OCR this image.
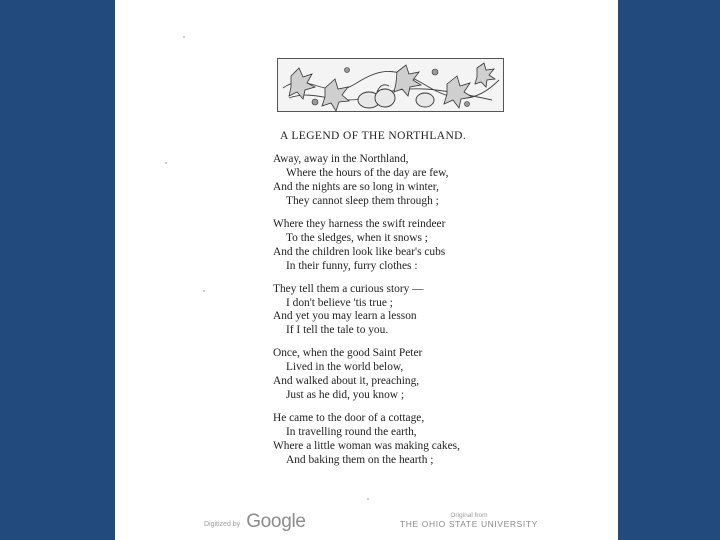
A LEGEND OF THE NORTHLAND.
Away, away in the Northland,
Where the hours of the day are few,
And the nights are so long in winter,
They cannot sleep them through ;
Where they harness the swift reindeer
To the sledges, when it snows ;
And the children look like bear's cubs
In their funny, furry clothes :
They tell them a curious story —
I don't believe 'tis true ;
And yet you may learn a lesson
If I tell the tale to you.
Once, when the good Saint Peter
Lived in the world below,
And walked about it, preaching,
Just as he did, you know ;
He came to the door of a cottage,
In travelling round the earth,
Where a little woman was making cakes,
And baking them on the hearth ;
Digitized by Google	Original from
THE OHIO STATE UNIVERSITY
